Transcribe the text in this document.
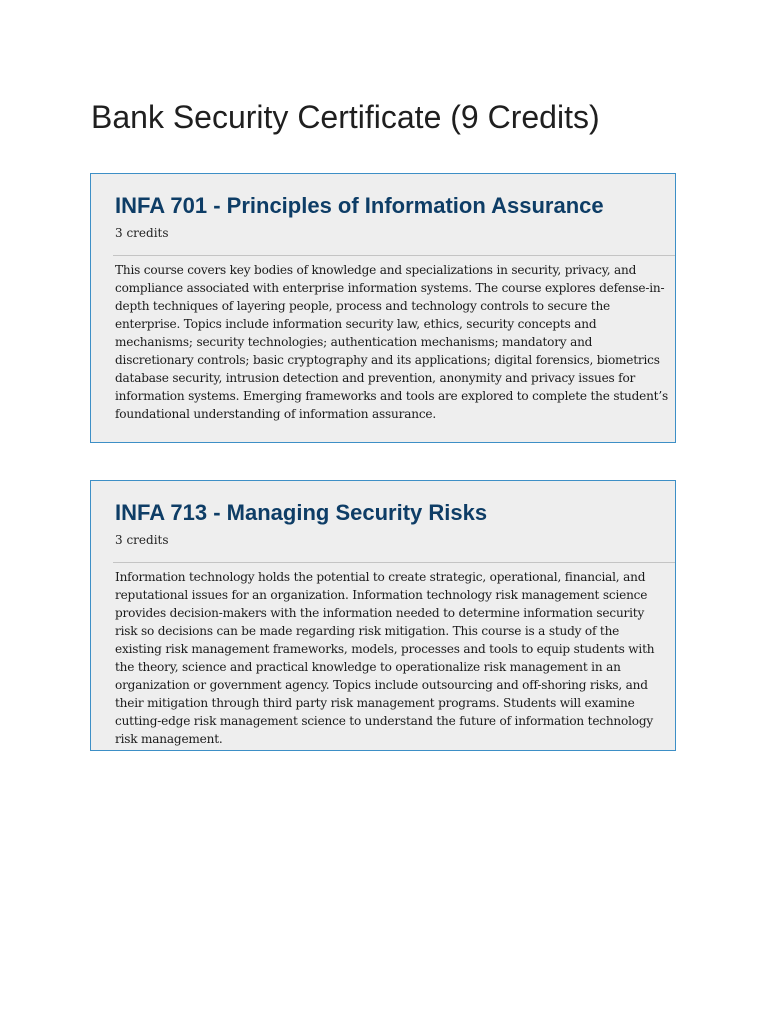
Bank Security Certificate (9 Credits)
INFA 701 - Principles of Information Assurance

3 credits

This course covers key bodies of knowledge and specializations in security, privacy, and compliance associated with enterprise information systems. The course explores defense-in-depth techniques of layering people, process and technology controls to secure the enterprise. Topics include information security law, ethics, security concepts and mechanisms; security technologies; authentication mechanisms; mandatory and discretionary controls; basic cryptography and its applications; digital forensics, biometrics database security, intrusion detection and prevention, anonymity and privacy issues for information systems. Emerging frameworks and tools are explored to complete the student’s foundational understanding of information assurance.

INFA 713 - Managing Security Risks

3 credits

Information technology holds the potential to create strategic, operational, financial, and reputational issues for an organization. Information technology risk management science provides decision-makers with the information needed to determine information security risk so decisions can be made regarding risk mitigation. This course is a study of the existing risk management frameworks, models, processes and tools to equip students with the theory, science and practical knowledge to operationalize risk management in an organization or government agency. Topics include outsourcing and off-shoring risks, and their mitigation through third party risk management programs. Students will examine cutting-edge risk management science to understand the future of information technology risk management.
